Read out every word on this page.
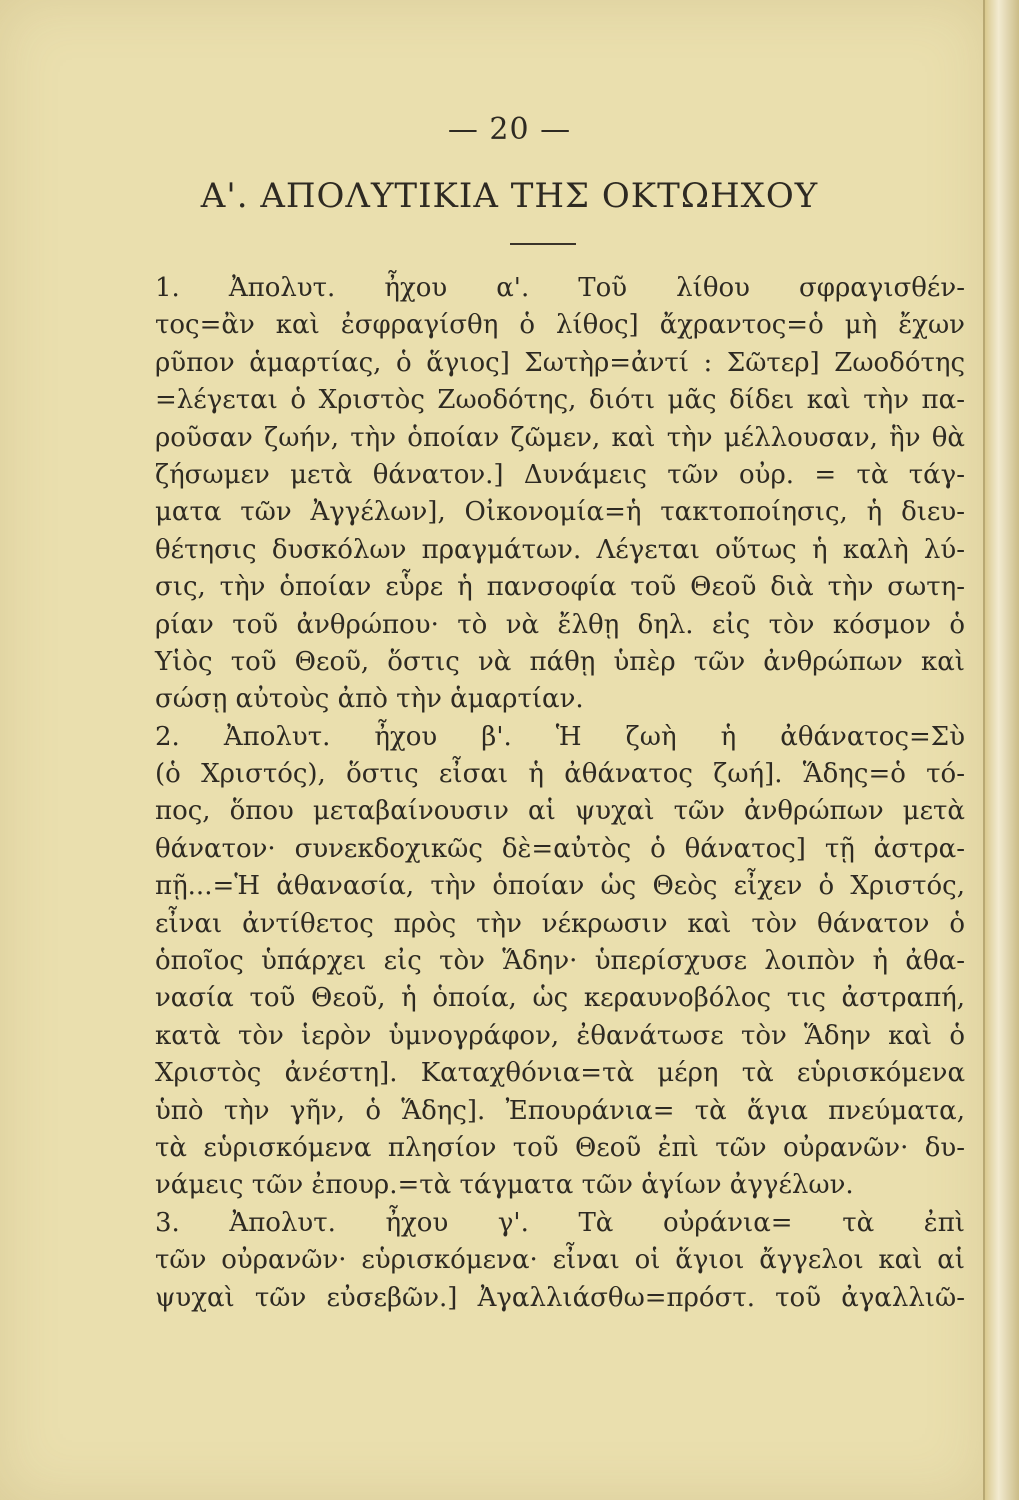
— 20 —
Α'. ΑΠΟΛΥΤΙΚΙΑ ΤΗΣ ΟΚΤΩΗΧΟΥ
1. Ἀπολυτ. ἦχου α'. Τοῦ λίθου σφραγισθέν-
τος=ἂν καὶ ἐσφραγίσθη ὁ λίθος] ἄχραντος=ὁ μὴ ἔχων
ρῦπον ἁμαρτίας, ὁ ἅγιος] Σωτὴρ=ἀντί : Σῶτερ] Ζωοδότης
=λέγεται ὁ Χριστὸς Ζωοδότης, διότι μᾶς δίδει καὶ τὴν πα-
ροῦσαν ζωήν, τὴν ὁποίαν ζῶμεν, καὶ τὴν μέλλουσαν, ἣν θὰ
ζήσωμεν μετὰ θάνατον.] Δυνάμεις τῶν οὐρ. = τὰ τάγ-
ματα τῶν Ἀγγέλων], Οἰκονομία=ἡ τακτοποίησις, ἡ διευ-
θέτησις δυσκόλων πραγμάτων. Λέγεται οὕτως ἡ καλὴ λύ-
σις, τὴν ὁποίαν εὗρε ἡ πανσοφία τοῦ Θεοῦ διὰ τὴν σωτη-
ρίαν τοῦ ἀνθρώπου· τὸ νὰ ἔλθῃ δηλ. εἰς τὸν κόσμον ὁ
Υἱὸς τοῦ Θεοῦ, ὅστις νὰ πάθῃ ὑπὲρ τῶν ἀνθρώπων καὶ
σώσῃ αὐτοὺς ἀπὸ τὴν ἁμαρτίαν.
2. Ἀπολυτ. ἦχου β'. Ἡ ζωὴ ἡ ἀθάνατος=Σὺ
(ὁ Χριστός), ὅστις εἶσαι ἡ ἀθάνατος ζωή]. Ἅδης=ὁ τό-
πος, ὅπου μεταβαίνουσιν αἱ ψυχαὶ τῶν ἀνθρώπων μετὰ
θάνατον· συνεκδοχικῶς δὲ=αὐτὸς ὁ θάνατος] τῇ ἀστρα-
πῇ...=Ἡ ἀθανασία, τὴν ὁποίαν ὡς Θεὸς εἶχεν ὁ Χριστός,
εἶναι ἀντίθετος πρὸς τὴν νέκρωσιν καὶ τὸν θάνατον ὁ
ὁποῖος ὑπάρχει εἰς τὸν Ἅδην· ὑπερίσχυσε λοιπὸν ἡ ἀθα-
νασία τοῦ Θεοῦ, ἡ ὁποία, ὡς κεραυνοβόλος τις ἀστραπή,
κατὰ τὸν ἱερὸν ὑμνογράφον, ἐθανάτωσε τὸν Ἅδην καὶ ὁ
Χριστὸς ἀνέστη]. Καταχθόνια=τὰ μέρη τὰ εὑρισκόμενα
ὑπὸ τὴν γῆν, ὁ Ἅδης]. Ἐπουράνια= τὰ ἅγια πνεύματα,
τὰ εὑρισκόμενα πλησίον τοῦ Θεοῦ ἐπὶ τῶν οὐρανῶν· δυ-
νάμεις τῶν ἐπουρ.=τὰ τάγματα τῶν ἁγίων ἀγγέλων.
3. Ἀπολυτ. ἦχου γ'. Τὰ οὐράνια= τὰ ἐπὶ
τῶν οὐρανῶν· εὑρισκόμενα· εἶναι οἱ ἅγιοι ἄγγελοι καὶ αἱ
ψυχαὶ τῶν εὐσεβῶν.] Ἀγαλλιάσθω=πρόστ. τοῦ ἀγαλλιῶ-
